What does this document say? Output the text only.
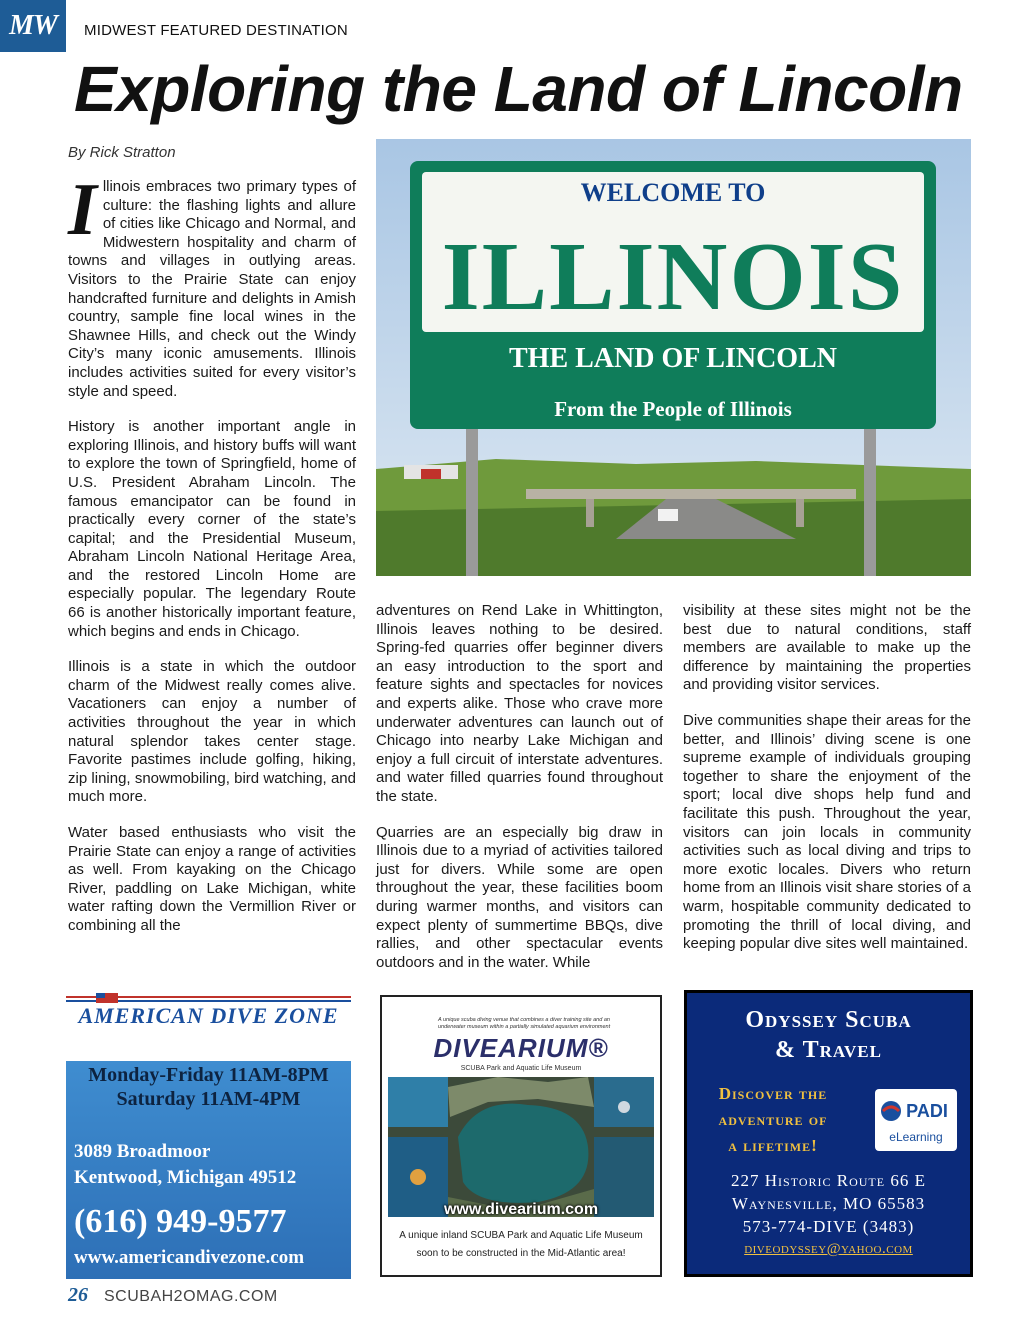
MW	MIDWEST FEATURED DESTINATION
Exploring the Land of Lincoln
By Rick Stratton

Illinois embraces two primary types of culture: the flashing lights and allure of cities like Chicago and Normal, and Midwestern hospitality and charm of towns and villages in outlying areas. Visitors to the Prairie State can enjoy handcrafted furniture and delights in Amish country, sample fine local wines in the Shawnee Hills, and check out the Windy City’s many iconic amusements. Illinois includes activities suited for every visitor’s style and speed.

History is another important angle in exploring Illinois, and history buffs will want to explore the town of Springfield, home of U.S. President Abraham Lincoln. The famous emancipator can be found in practically every corner of the state’s capital; and the Presidential Museum, Abraham Lincoln National Heritage Area, and the restored Lincoln Home are especially popular. The legendary Route 66 is another historically important feature, which begins and ends in Chicago.

Illinois is a state in which the outdoor charm of the Midwest really comes alive. Vacationers can enjoy a number of activities throughout the year in which natural splendor takes center stage. Favorite pastimes include golfing, hiking, zip lining, snowmobiling, bird watching, and much more.

Water based enthusiasts who visit the Prairie State can enjoy a range of activities as well. From kayaking on the Chicago River, paddling on Lake Michigan, white water rafting down the Vermillion River or combining all the

WELCOME TO
ILLINOIS
THE LAND OF LINCOLN
From the People of Illinois

adventures on Rend Lake in Whittington, Illinois leaves nothing to be desired. Spring-fed quarries offer beginner divers an easy introduction to the sport and feature sights and spectacles for novices and experts alike. Those who crave more underwater adventures can launch out of Chicago into nearby Lake Michigan and enjoy a full circuit of interstate adventures. and water filled quarries found throughout the state.

Quarries are an especially big draw in Illinois due to a myriad of activities tailored just for divers. While some are open throughout the year, these facilities boom during warmer months, and visitors can expect plenty of summertime BBQs, dive rallies, and other spectacular events outdoors and in the water. While

visibility at these sites might not be the best due to natural conditions, staff members are available to make up the difference by maintaining the properties and providing visitor services.

Dive communities shape their areas for the better, and Illinois’ diving scene is one supreme example of individuals grouping together to share the enjoyment of the sport; local dive shops help fund and facilitate this push. Throughout the year, visitors can join locals in community activities such as local diving and trips to more exotic locales. Divers who return home from an Illinois visit share stories of a warm, hospitable community dedicated to promoting the thrill of local diving, and keeping popular dive sites well maintained.

AMERICAN DIVE ZONE
Monday-Friday 11AM-8PM
Saturday 11AM-4PM
3089 Broadmoor
Kentwood, Michigan 49512
(616) 949-9577
www.americandivezone.com
A unique scuba diving venue that combines a diver training site and an underwater museum within a partially simulated aquarium environment
DIVEARIUM®
SCUBA Park and Aquatic Life Museum
www.divearium.com
A unique inland SCUBA Park and Aquatic Life Museum
soon to be constructed in the Mid-Atlantic area!
Odyssey Scuba
& Travel
Discover the
adventure of
a lifetime!
PADI
eLearning
227 Historic Route 66 E
Waynesville, MO 65583
573-774-DIVE (3483)
diveodyssey@yahoo.com
26 SCUBAH2OMAG.COM
